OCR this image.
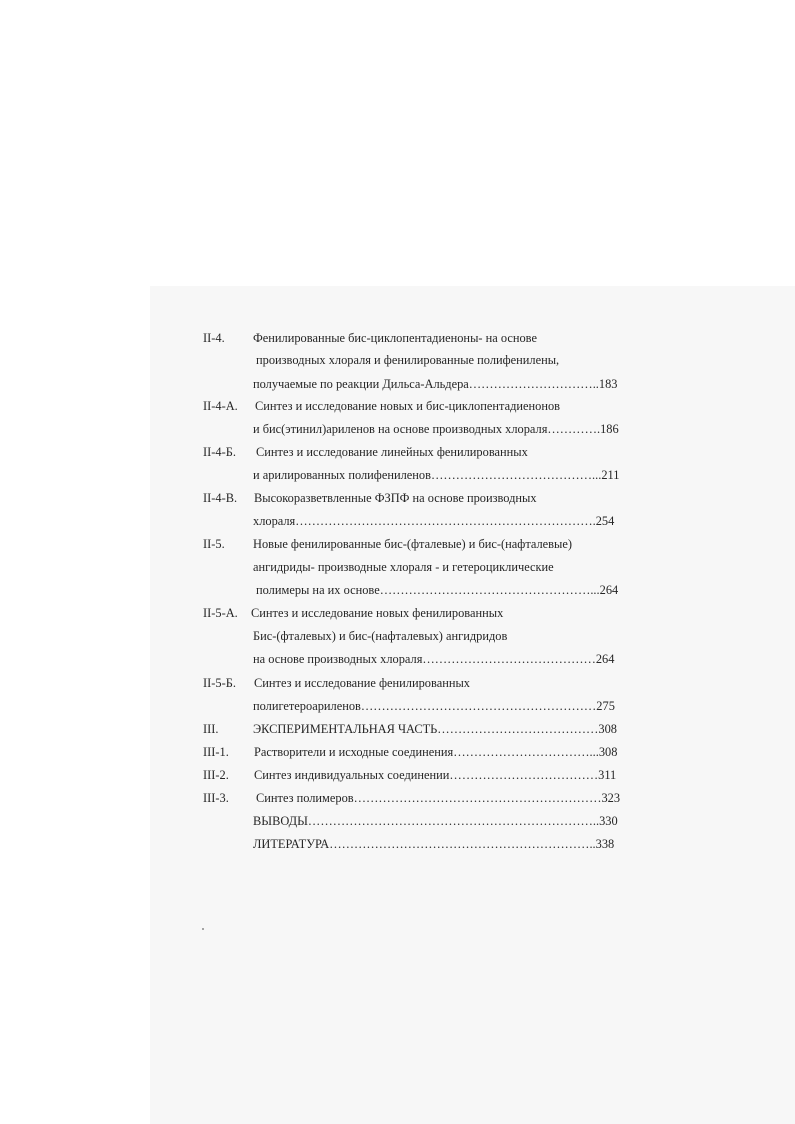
II-4. Фенилированные бис-циклопентадиеноны- на основе
производных хлораля и фенилированные полифенилены,
получаемые по реакции Дильса-Альдера…………………………..183
II-4-А. Синтез и исследование новых и бис-циклопентадиенонов
и бис(этинил)ариленов на основе производных хлораля………….186
II-4-Б. Синтез и исследование линейных фенилированных
и арилированных полифениленов…………………………………...211
II-4-В. Высокоразветвленные ФЗПФ на основе производных
хлораля……………………………………………………………….254
II-5. Новые фенилированные бис-(фталевые) и бис-(нафталевые)
ангидриды- производные хлораля - и гетероциклические
полимеры на их основе……………………………………………...264
II-5-А. Синтез и исследование новых фенилированных
Бис-(фталевых) и бис-(нафталевых) ангидридов
на основе производных хлораля……………………………………264
II-5-Б. Синтез и исследование фенилированных
полигетероариленов…………………………………………………275
III.	ЭКСПЕРИМЕНТАЛЬНАЯ ЧАСТЬ…………………………………308
III-1. Растворители и исходные соединения……………………………...308
III-2. Синтез индивидуальных соединении………………………………311
III-3. Синтез полимеров……………………………………………………323
ВЫВОДЫ……………………………………………………………..330
ЛИТЕРАТУРА………………………………………………………..338
